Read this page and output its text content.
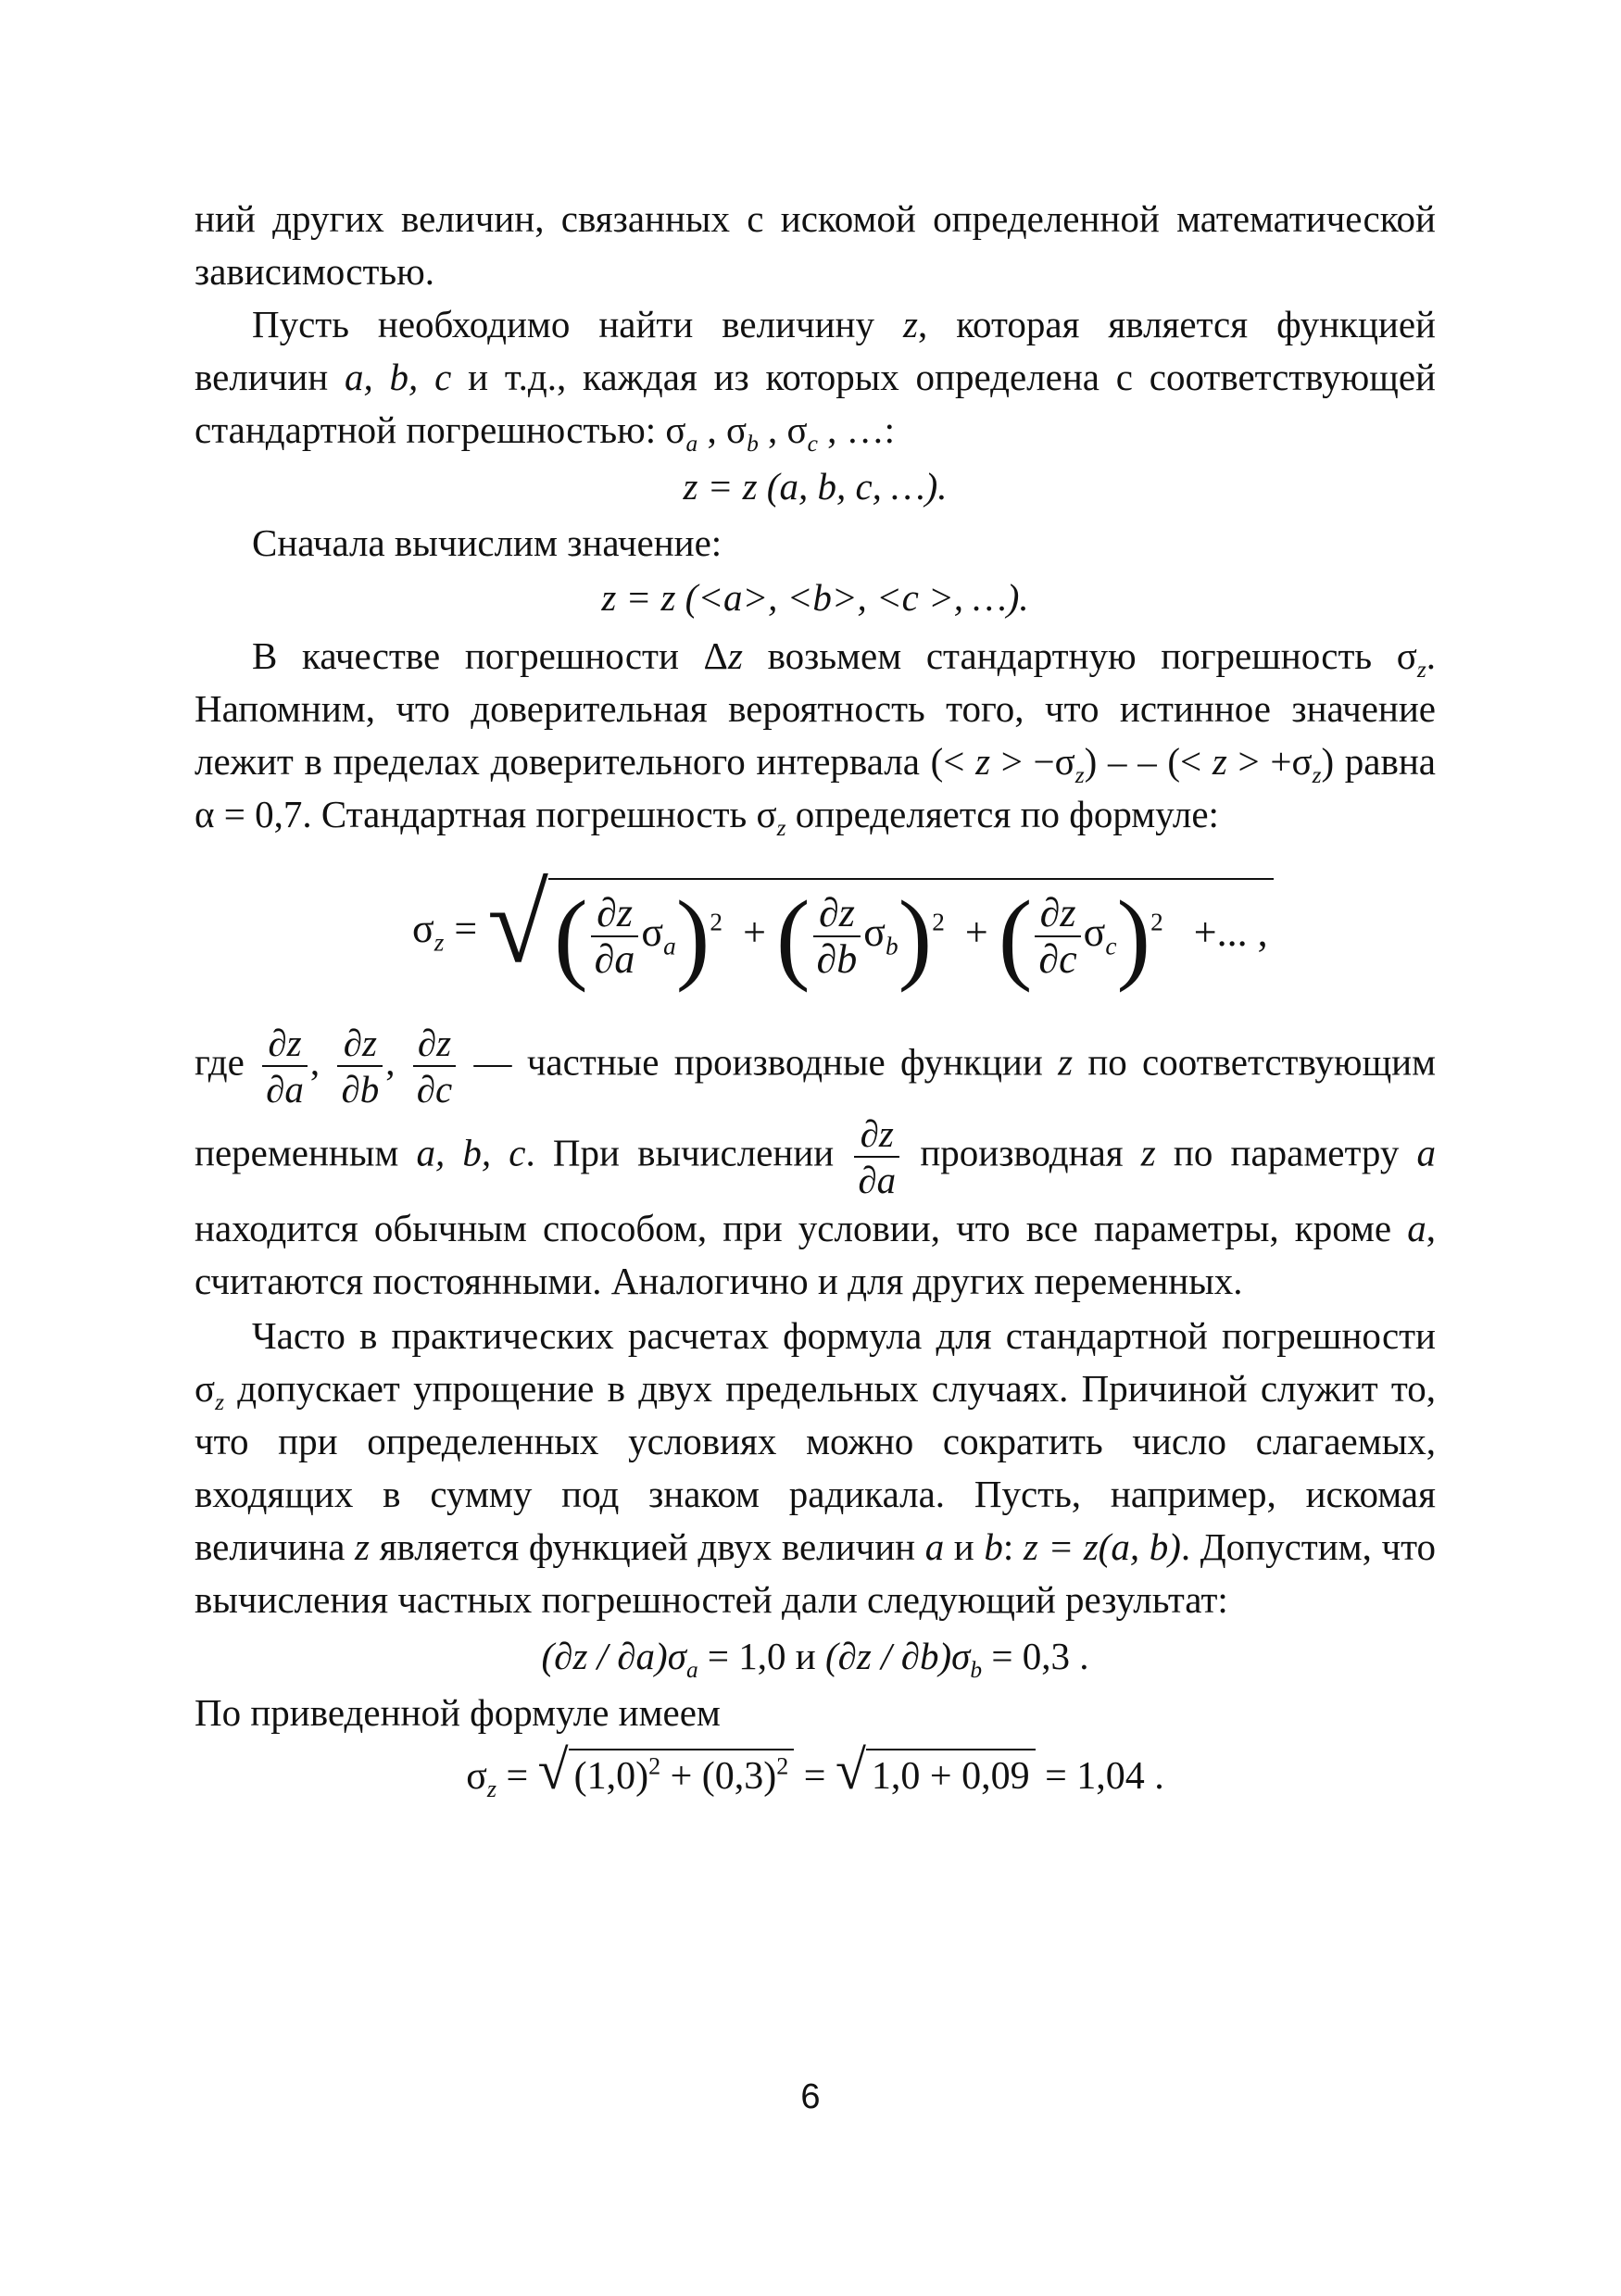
ний других величин, связанных с искомой определенной математической зависимостью.

Пусть необходимо найти величину z, которая является функцией величин a, b, c и т.д., каждая из которых определена с соответствующей стандартной погрешностью: $\sigma_a$ , $\sigma_b$ , $\sigma_c$ , …:

z = z (a, b, c, …).

Сначала вычислим значение:

z = z (<a>, <b>, <c >, …).

В качестве погрешности Δz возьмем стандартную погрешность $\sigma_z$. Напомним, что доверительная вероятность того, что истинное значение лежит в пределах доверительного интервала (< $z > -\sigma_z$) – – (< $z > +\sigma_z$) равна α = 0,7. Стандартная погрешность $\sigma_z$ определяется по формуле:

$\sigma_z$ = √ ( $\frac{\partial z}{\partial a} \sigma_a)^2$ + ( $\frac{\partial z}{\partial b} \sigma_b)^2$ + ( $\frac{\partial z}{\partial c} \sigma_c)^2$ +... ,

где $\frac{\partial z}{\partial a}$ , $\frac{\partial z}{\partial b}$ , $\frac{\partial z}{\partial c}$ — частные производные функции z по соответствующим переменным a, b, c. При вычислении $\frac{\partial z}{\partial a}$ производная z по параметру a находится обычным способом, при условии, что все параметры, кроме a, считаются постоянными. Аналогично и для других переменных.

Часто в практических расчетах формула для стандартной погрешности $\sigma_z$ допускает упрощение в двух предельных случаях. Причиной служит то, что при определенных условиях можно сократить число слагаемых, входящих в сумму под знаком радикала. Пусть, например, искомая величина z является функцией двух величин a и b: z = z(a, b). Допустим, что вычисления частных погрешностей дали следующий результат:

$(\partial z / \partial a)\sigma_a = 1,0$ и $(\partial z / \partial b)\sigma_b = 0,3$ .

По приведенной формуле имеем

$\sigma_z$ = √ $(1,0)^2 + (0,3)^2$ = √ 1,0 + 0,09 = 1,04 .

6
